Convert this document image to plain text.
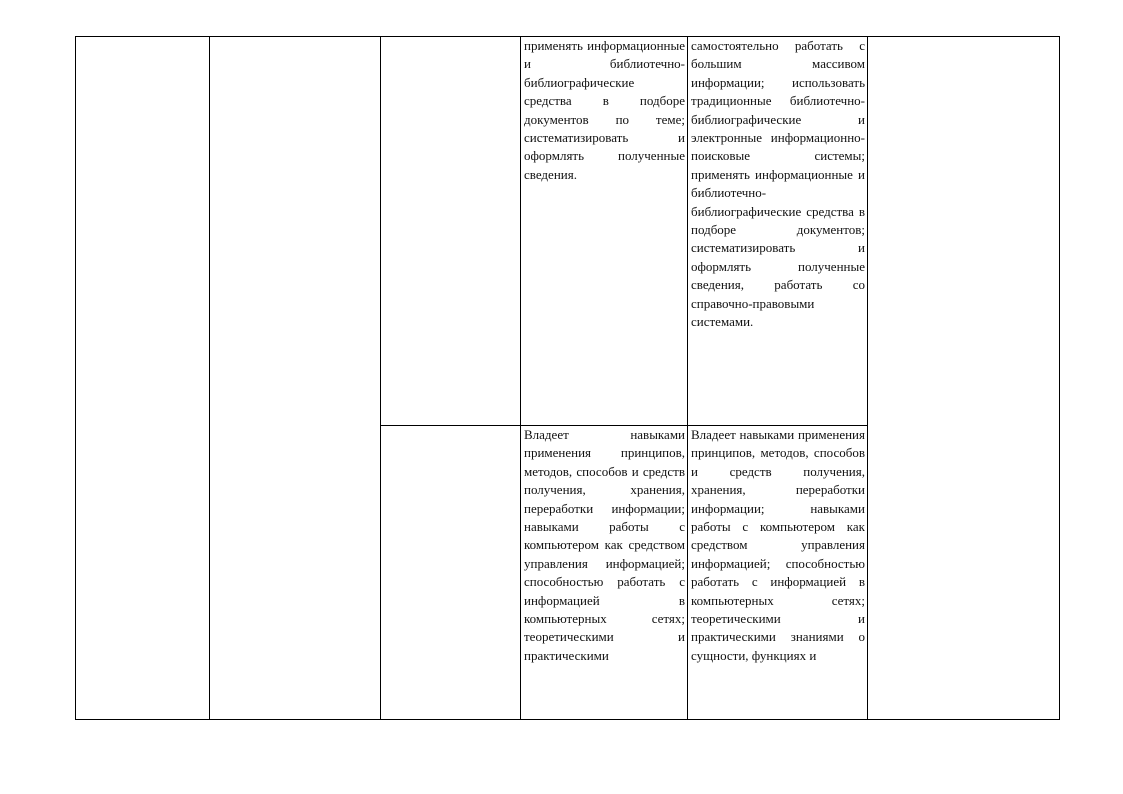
применять информационные и библиотечно-библиографические средства в подборе документов по теме; систематизировать и оформлять полученные сведения.

самостоятельно работать с большим массивом информации; использовать традиционные библиотечно-библиографические и электронные информационно-поисковые системы; применять информационные и библиотечно-библиографические средства в подборе документов; систематизировать и оформлять полученные сведения, работать со справочно-правовыми системами.

Владеет навыками применения принципов, методов, способов и средств получения, хранения, переработки информации; навыками работы с компьютером как средством управления информацией; способностью работать с информацией в компьютерных сетях; теоретическими и практическими

Владеет навыками применения принципов, методов, способов и средств получения, хранения, переработки информации; навыками работы с компьютером как средством управления информацией; способностью работать с информацией в компьютерных сетях; теоретическими и практическими знаниями о сущности, функциях и
